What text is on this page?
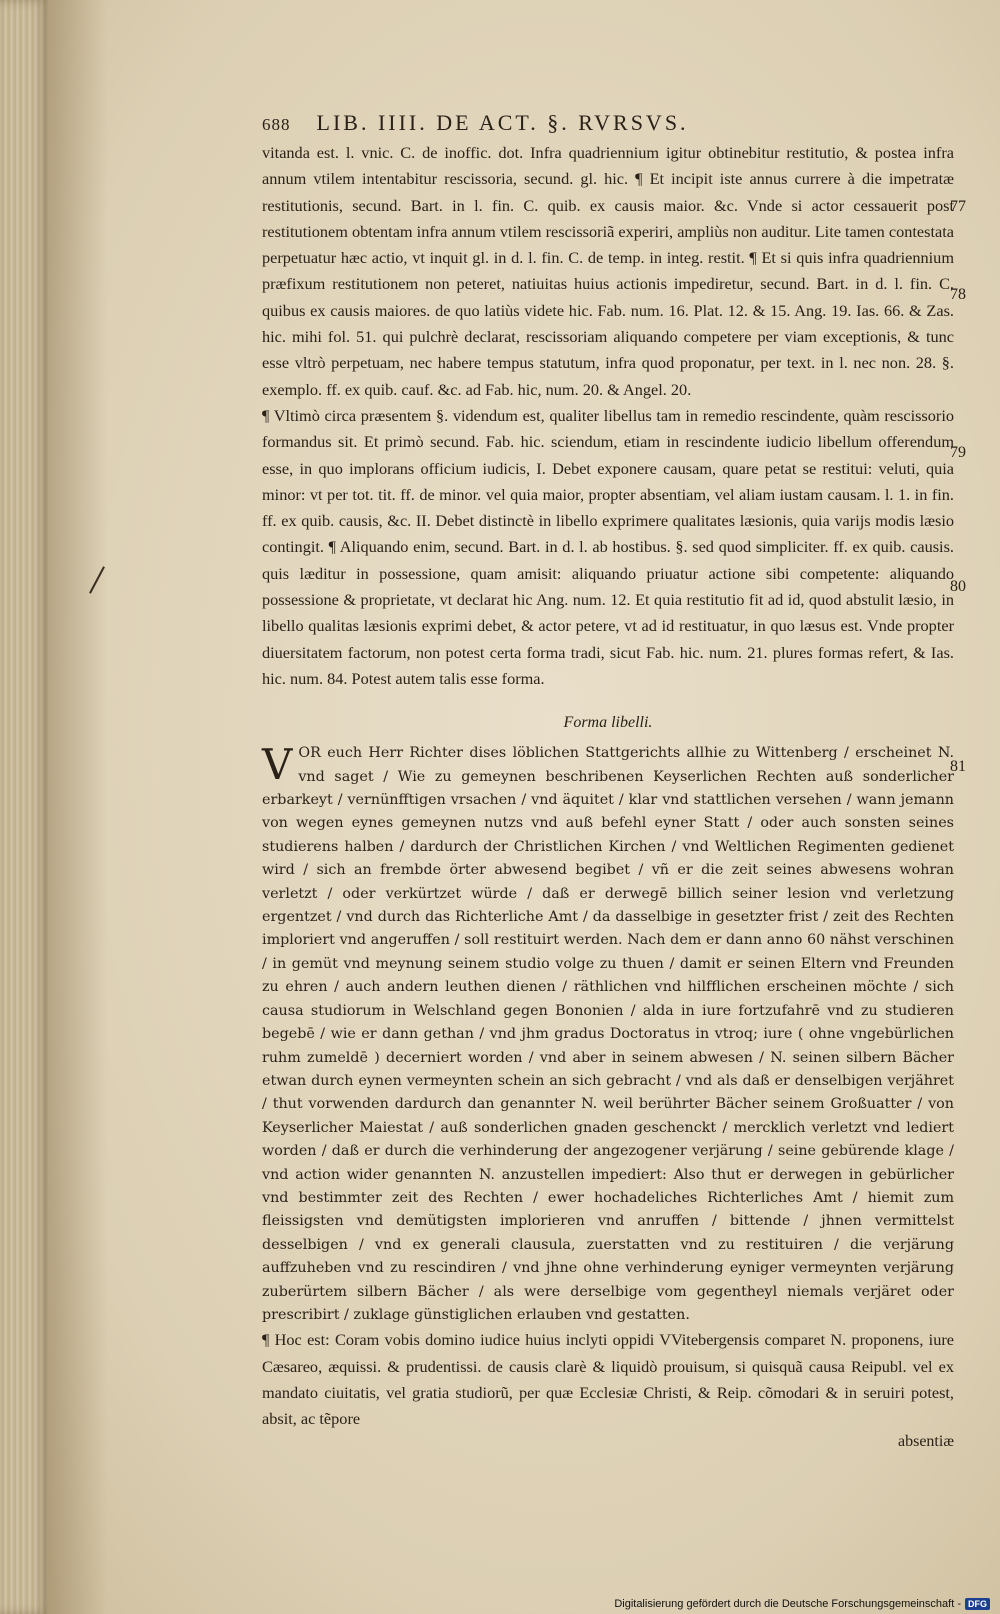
688 LIB. IIII. DE ACT. §. RVRSVS.

vitanda est. l. vnic. C. de inoffic. dot. Infra quadriennium igitur obtinebitur restitutio, & postea infra annum vtilem intentabitur rescissoria, secund. gl. hic. ¶ Et incipit iste annus currere à die impetratæ restitutionis, secund. Bart. in l. fin. C. quib. ex causis maior. &c. Vnde si actor cessauerit post restitutionem obtentam infra annum vtilem rescissoriã experiri, ampliùs non auditur. Lite tamen contestata perpetuatur hæc actio, vt inquit gl. in d. l. fin. C. de temp. in integ. restit. ¶ Et si quis infra quadriennium præfixum restitutionem non peteret, natiuitas huius actionis impediretur, secund. Bart. in d. l. fin. C. quibus ex causis maiores. de quo latiùs videte hic. Fab. num. 16. Plat. 12. & 15. Ang. 19. Ias. 66. & Zas. hic. mihi fol. 51. qui pulchrè declarat, rescissoriam aliquando competere per viam exceptionis, & tunc esse vltrò perpetuam, nec habere tempus statutum, infra quod proponatur, per text. in l. nec non. 28. §. exemplo. ff. ex quib. cauf. &c. ad Fab. hic, num. 20. & Angel. 20.

¶ Vltimò circa præsentem §. videndum est, qualiter libellus tam in remedio rescindente, quàm rescissorio formandus sit. Et primò secund. Fab. hic. sciendum, etiam in rescindente iudicio libellum offerendum esse, in quo implorans officium iudicis, I. Debet exponere causam, quare petat se restitui: veluti, quia minor: vt per tot. tit. ff. de minor. vel quia maior, propter absentiam, vel aliam iustam causam. l. 1. in fin. ff. ex quib. causis, &c. II. Debet distinctè in libello exprimere qualitates læsionis, quia varijs modis læsio contingit. ¶ Aliquando enim, secund. Bart. in d. l. ab hostibus. §. sed quod simpliciter. ff. ex quib. causis. quis læditur in possessione, quam amisit: aliquando priuatur actione sibi competente: aliquando possessione & proprietate, vt declarat hic Ang. num. 12. Et quia restitutio fit ad id, quod abstulit læsio, in libello qualitas læsionis exprimi debet, & actor petere, vt ad id restituatur, in quo læsus est. Vnde propter diuersitatem factorum, non potest certa forma tradi, sicut Fab. hic. num. 21. plures formas refert, & Ias. hic. num. 84. Potest autem talis esse forma.

Forma libelli.

VOR euch Herr Richter dises löblichen Stattgerichts allhie zu Wittenberg / erscheinet N. vnd saget / Wie zu gemeynen beschribenen Keyserlichen Rechten auß sonderlicher erbarkeyt / vernünfftigen vrsachen / vnd äquitet / klar vnd stattlichen versehen / wann jemann von wegen eynes gemeynen nutzs vnd auß befehl eyner Statt / oder auch sonsten seines studierens halben / dardurch der Christlichen Kirchen / vnd Weltlichen Regimenten gedienet wird / sich an frembde örter abwesend begibet / vñ er die zeit seines abwesens wohran verletzt / oder verkürtzet würde / daß er derwegē billich seiner lesion vnd verletzung ergentzet / vnd durch das Richterliche Amt / da dasselbige in gesetzter frist / zeit des Rechten imploriert vnd angeruffen / soll restituirt werden. Nach dem er dann anno 60 nähst verschinen / in gemüt vnd meynung seinem studio volge zu thuen / damit er seinen Eltern vnd Freunden zu ehren / auch andern leuthen dienen / räthlichen vnd hilfflichen erscheinen möchte / sich causa studiorum in Welschland gegen Bononien / alda in iure fortzufahrē vnd zu studieren begebē / wie er dann gethan / vnd jhm gradus Doctoratus in vtroq; iure ( ohne vngebürlichen ruhm zumeldē ) decerniert worden / vnd aber in seinem abwesen / N. seinen silbern Bächer etwan durch eynen vermeynten schein an sich gebracht / vnd als daß er denselbigen verjähret / thut vorwenden dardurch dan genannter N. weil berührter Bächer seinem Großuatter / von Keyserlicher Maiestat / auß sonderlichen gnaden geschenckt / mercklich verletzt vnd lediert worden / daß er durch die verhinderung der angezogener verjärung / seine gebürende klage / vnd action wider genannten N. anzustellen impediert: Also thut er derwegen in gebürlicher vnd bestimmter zeit des Rechten / ewer hochadeliches Richterliches Amt / hiemit zum fleissigsten vnd demütigsten implorieren vnd anruffen / bittende / jhnen vermittelst desselbigen / vnd ex generali clausula, zuerstatten vnd zu restituiren / die verjärung auffzuheben vnd zu rescindiren / vnd jhne ohne verhinderung eyniger vermeynten verjärung zuberürtem silbern Bächer / als were derselbige vom gegentheyl niemals verjäret oder prescribirt / zuklage günstiglichen erlauben vnd gestatten.

¶ Hoc est: Coram vobis domino iudice huius inclyti oppidi VVitebergensis comparet N. proponens, iure Cæsareo, æquissi. & prudentissi. de causis clarè & liquidò prouisum, si quisquã causa Reipubl. vel ex mandato ciuitatis, vel gratia studiorũ, per quæ Ecclesiæ Christi, & Reip. cõmodari & in seruiri potest, absit, ac tẽpore

absentiæ
77
78
79
80
81
Digitalisierung gefördert durch die Deutsche Forschungsgemeinschaft - DFG
